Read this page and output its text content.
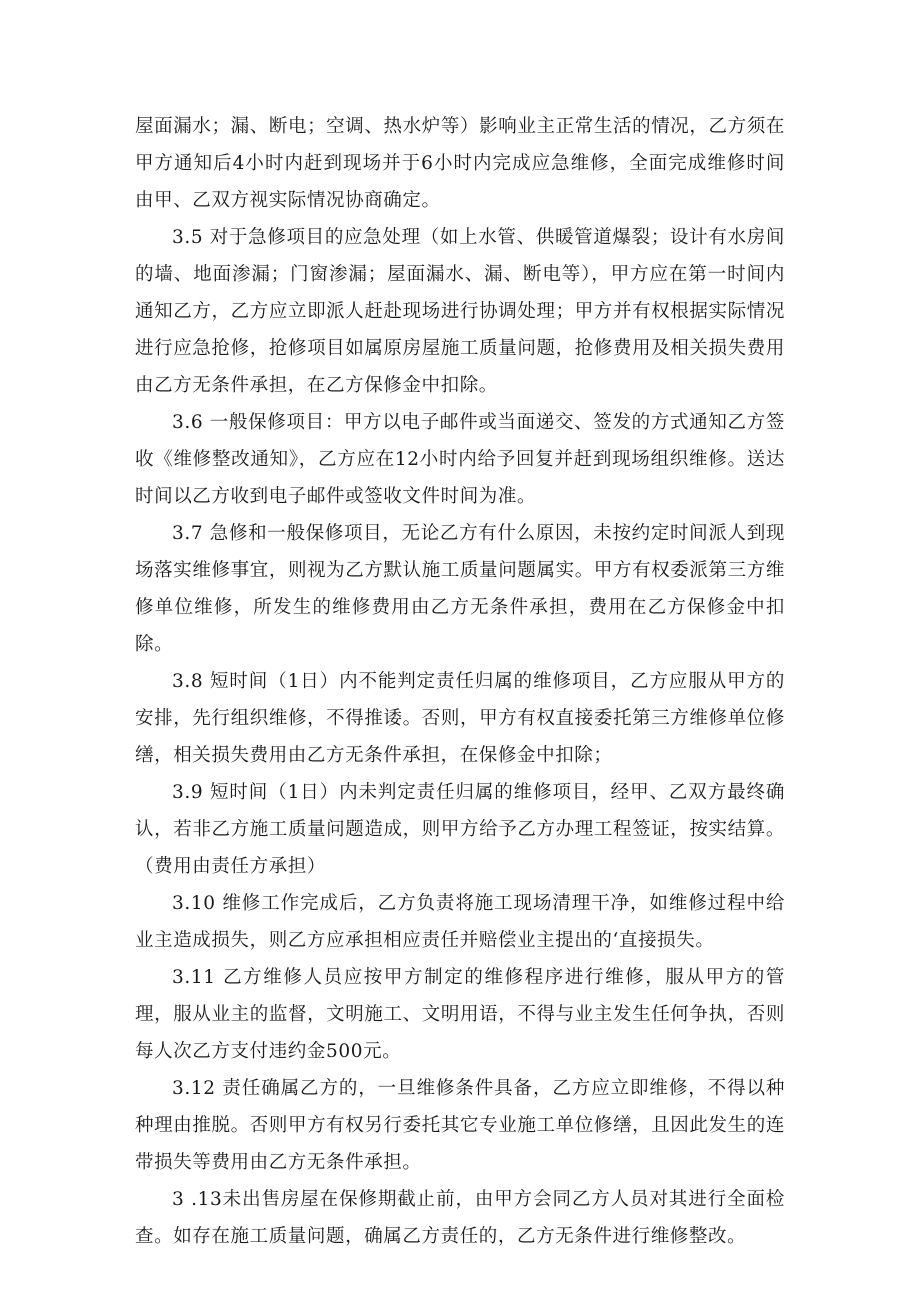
屋面漏水；漏、断电；空调、热水炉等）影响业主正常生活的情况，乙方须在甲方通知后4小时内赶到现场并于6小时内完成应急维修，全面完成维修时间由甲、乙双方视实际情况协商确定。

3.5 对于急修项目的应急处理（如上水管、供暖管道爆裂；设计有水房间的墙、地面渗漏；门窗渗漏；屋面漏水、漏、断电等），甲方应在第一时间内通知乙方，乙方应立即派人赶赴现场进行协调处理；甲方并有权根据实际情况进行应急抢修，抢修项目如属原房屋施工质量问题，抢修费用及相关损失费用由乙方无条件承担，在乙方保修金中扣除。

3.6 一般保修项目：甲方以电子邮件或当面递交、签发的方式通知乙方签收《维修整改通知》，乙方应在12小时内给予回复并赶到现场组织维修。送达时间以乙方收到电子邮件或签收文件时间为准。

3.7 急修和一般保修项目，无论乙方有什么原因，未按约定时间派人到现场落实维修事宜，则视为乙方默认施工质量问题属实。甲方有权委派第三方维修单位维修，所发生的维修费用由乙方无条件承担，费用在乙方保修金中扣除。

3.8 短时间（1日）内不能判定责任归属的维修项目，乙方应服从甲方的安排，先行组织维修，不得推诿。否则，甲方有权直接委托第三方维修单位修缮，相关损失费用由乙方无条件承担，在保修金中扣除；

3.9 短时间（1日）内未判定责任归属的维修项目，经甲、乙双方最终确认，若非乙方施工质量问题造成，则甲方给予乙方办理工程签证，按实结算。（费用由责任方承担）

3.10 维修工作完成后，乙方负责将施工现场清理干净，如维修过程中给业主造成损失，则乙方应承担相应责任并赔偿业主提出的‘直接损失。

3.11 乙方维修人员应按甲方制定的维修程序进行维修，服从甲方的管理，服从业主的监督，文明施工、文明用语，不得与业主发生任何争执，否则每人次乙方支付违约金500元。

3.12 责任确属乙方的，一旦维修条件具备，乙方应立即维修，不得以种种理由推脱。否则甲方有权另行委托其它专业施工单位修缮，且因此发生的连带损失等费用由乙方无条件承担。

3 .13未出售房屋在保修期截止前，由甲方会同乙方人员对其进行全面检查。如存在施工质量问题，确属乙方责任的，乙方无条件进行维修整改。
